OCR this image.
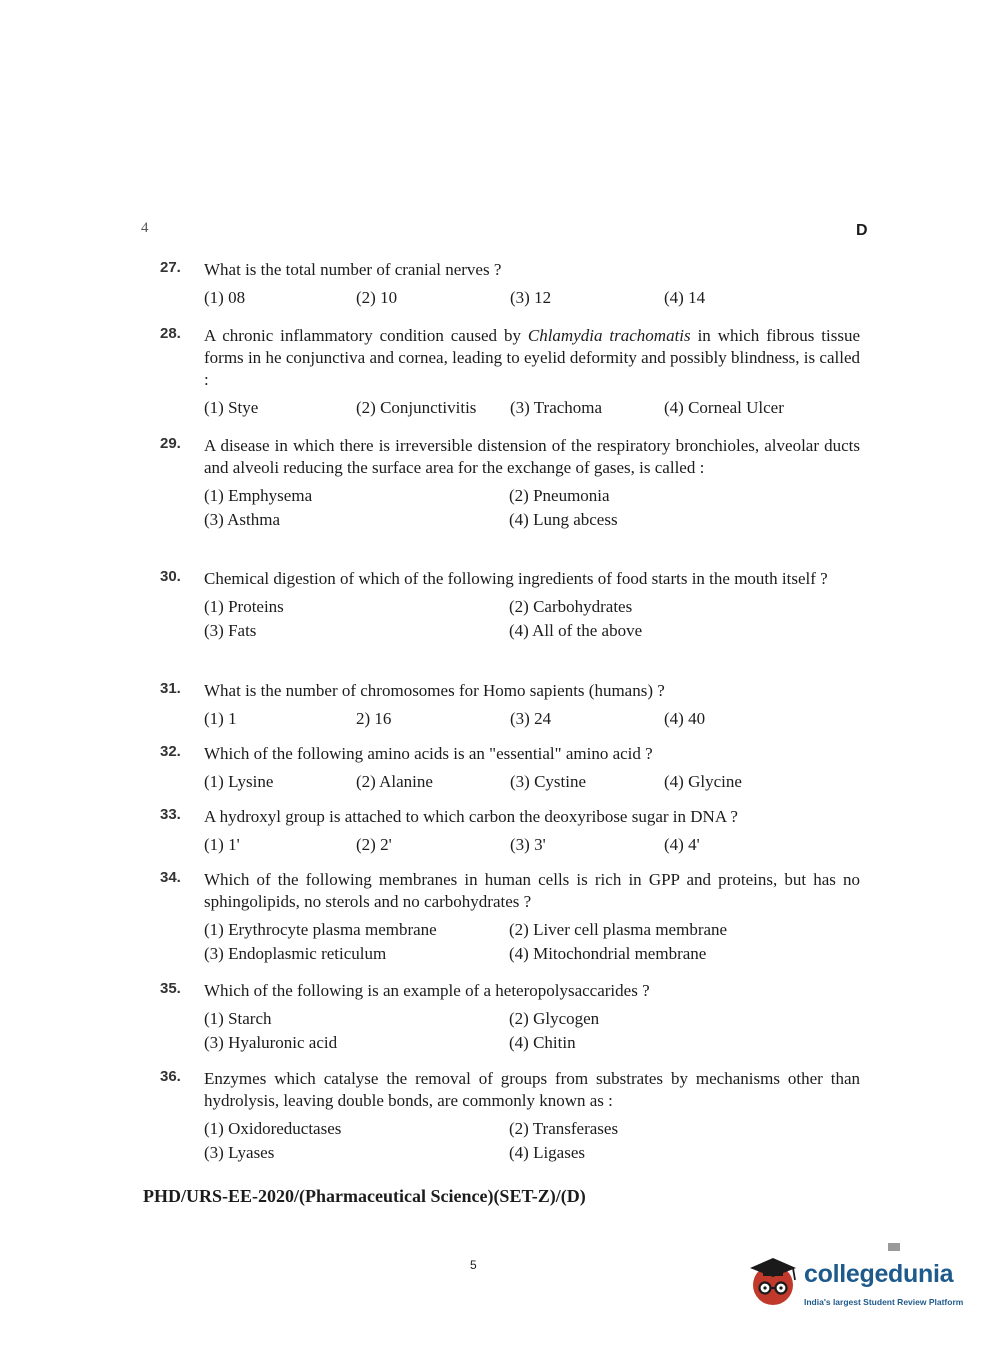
4	D
27. What is the total number of cranial nerves ?
(1) 08	(2) 10	(3) 12	(4) 14
28. A chronic inflammatory condition caused by Chlamydia trachomatis in which fibrous tissue forms in he conjunctiva and cornea, leading to eyelid deformity and possibly blindness, is called :
(1) Stye	(2) Conjunctivitis	(3) Trachoma	(4) Corneal Ulcer
29. A disease in which there is irreversible distension of the respiratory bronchioles, alveolar ducts and alveoli reducing the surface area for the exchange of gases, is called :
(1) Emphysema	(2) Pneumonia
(3) Asthma	(4) Lung abcess
30. Chemical digestion of which of the following ingredients of food starts in the mouth itself ?
(1) Proteins	(2) Carbohydrates
(3) Fats	(4) All of the above
31. What is the number of chromosomes for Homo sapients (humans) ?
(1) 1	2) 16	(3) 24	(4) 40
32. Which of the following amino acids is an "essential" amino acid ?
(1) Lysine	(2) Alanine	(3) Cystine	(4) Glycine
33. A hydroxyl group is attached to which carbon the deoxyribose sugar in DNA ?
(1) 1'	(2) 2'	(3) 3'	(4) 4'
34. Which of the following membranes in human cells is rich in GPP and proteins, but has no sphingolipids, no sterols and no carbohydrates ?
(1) Erythrocyte plasma membrane	(2) Liver cell plasma membrane
(3) Endoplasmic reticulum	(4) Mitochondrial membrane
35. Which of the following is an example of a heteropolysaccarides ?
(1) Starch	(2) Glycogen
(3) Hyaluronic acid	(4) Chitin
36. Enzymes which catalyse the removal of groups from substrates by mechanisms other than hydrolysis, leaving double bonds, are commonly known as :
(1) Oxidoreductases	(2) Transferases
(3) Lyases	(4) Ligases
PHD/URS-EE-2020/(Pharmaceutical Science)(SET-Z)/(D)
5	collegedunia
India's largest Student Review Platform
